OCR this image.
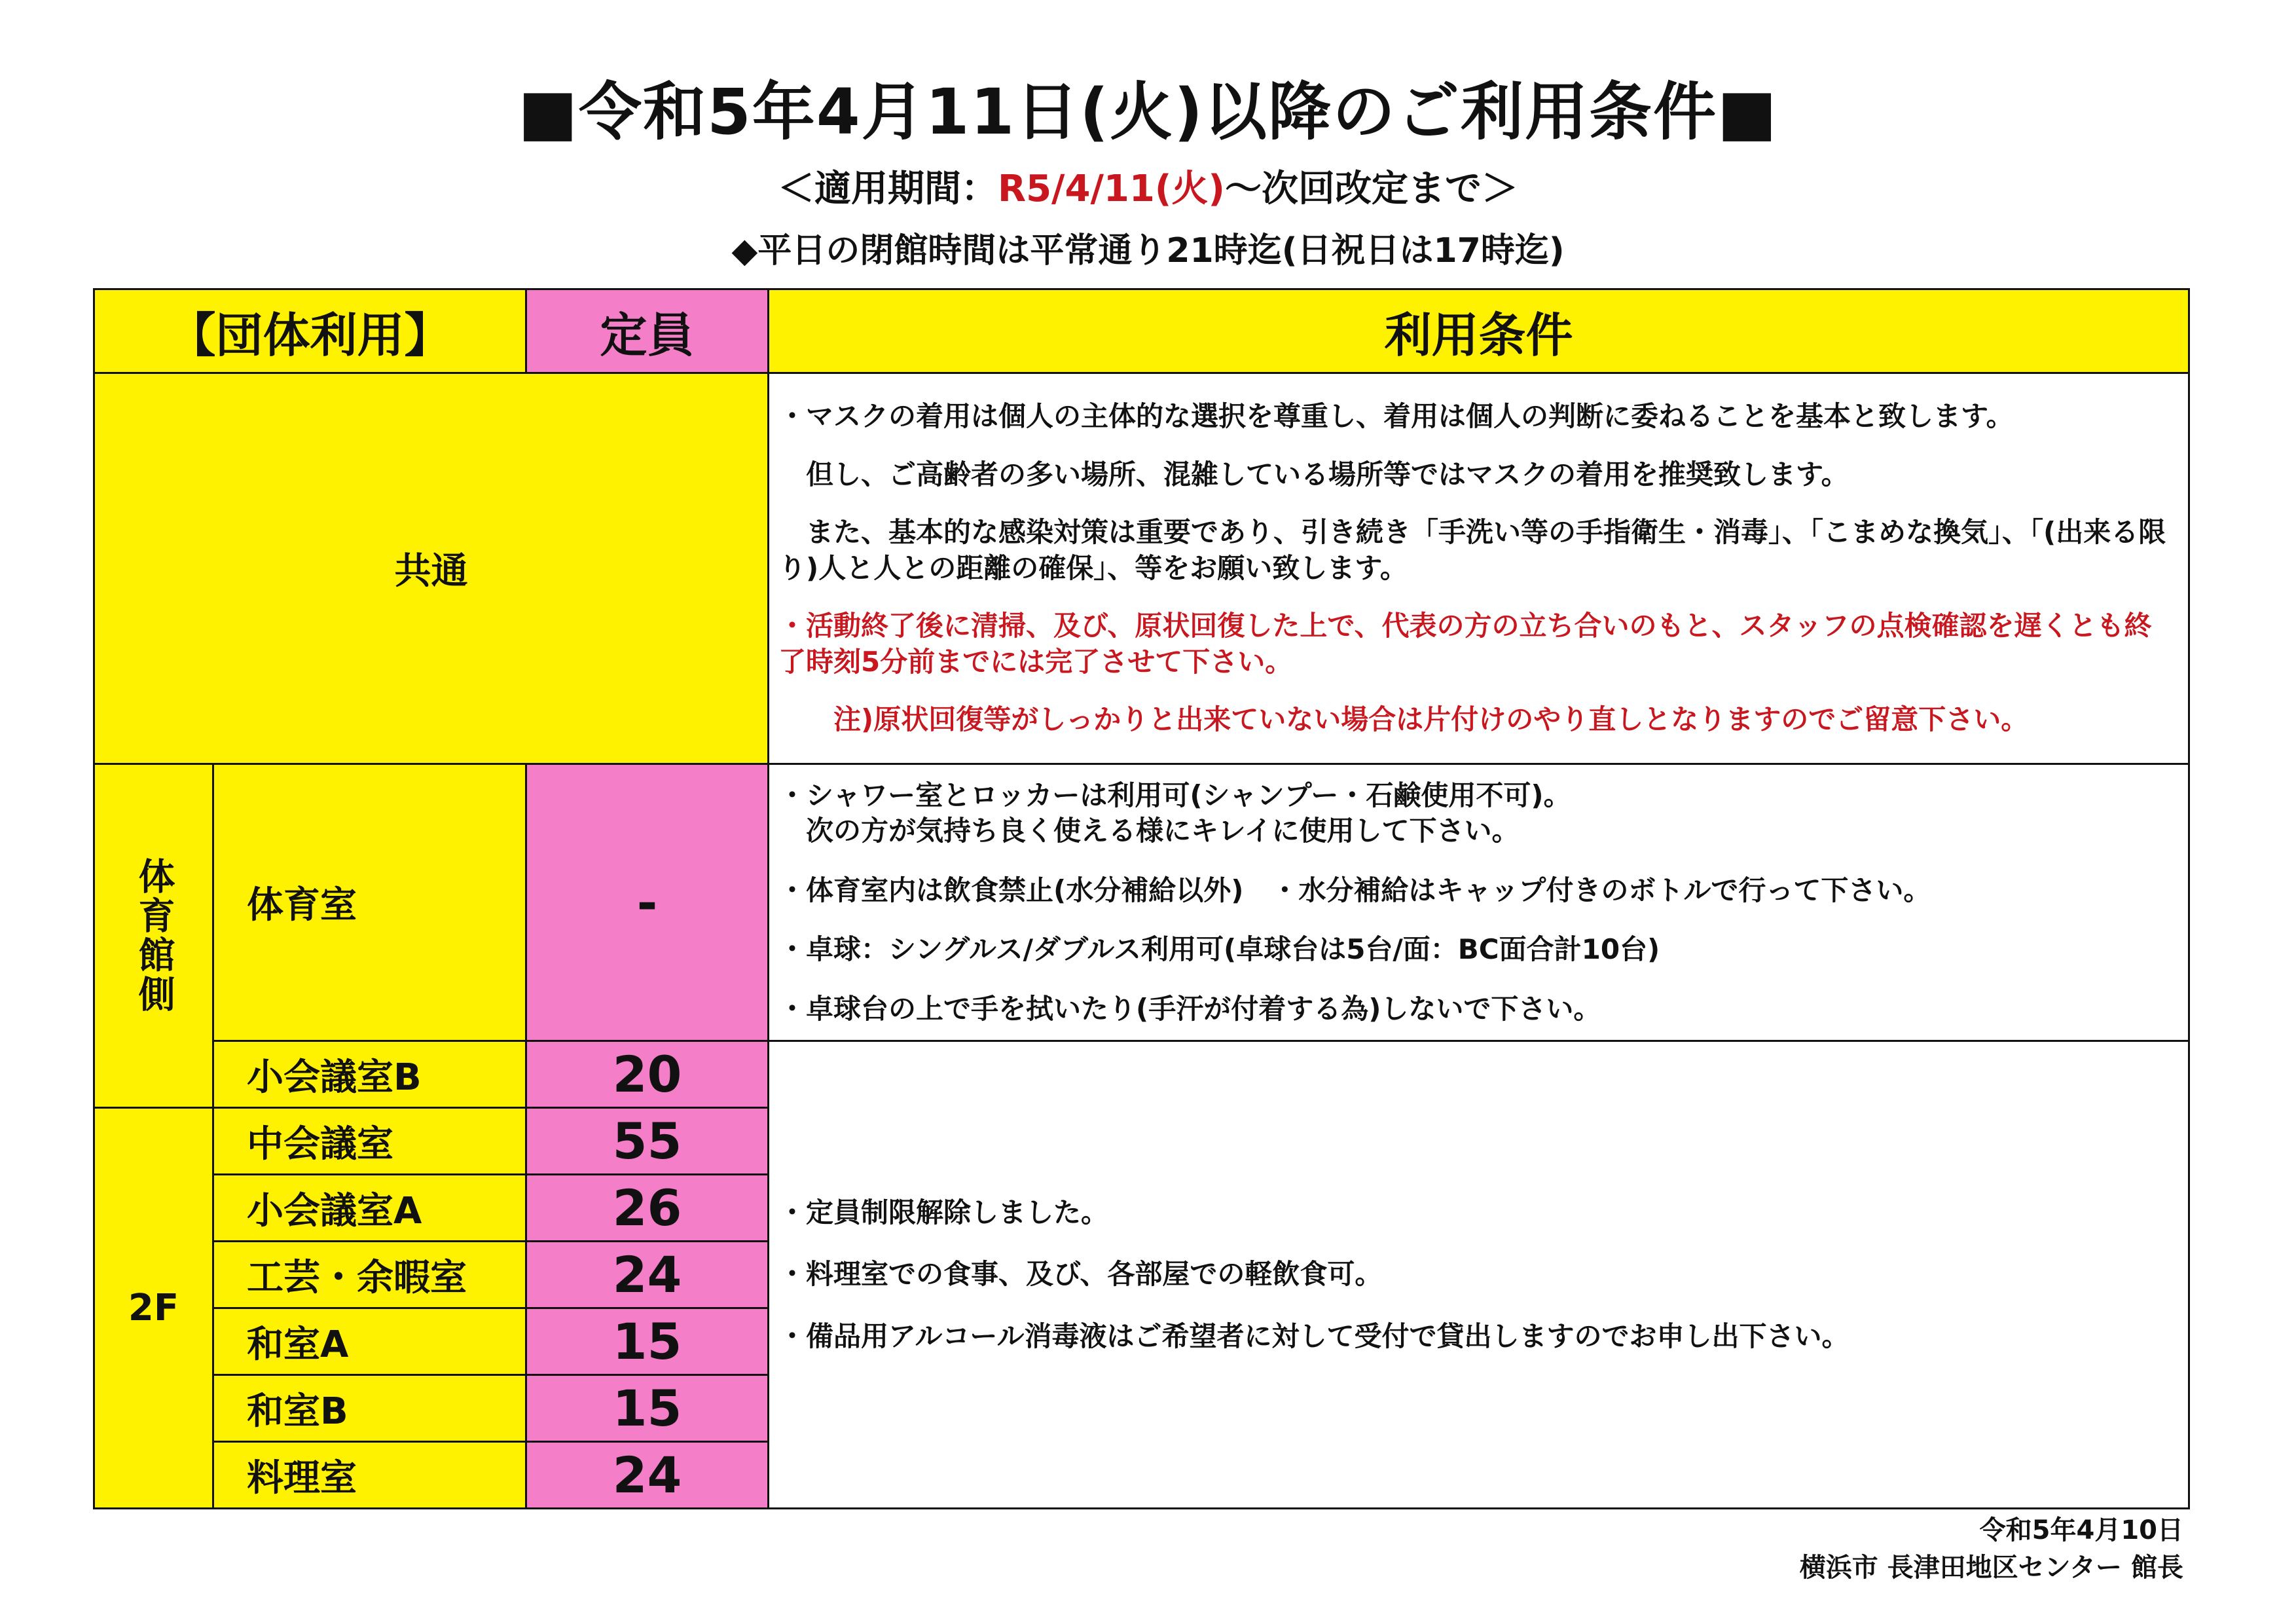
■令和5年4月11日(火)以降のご利用条件■
＜適用期間：R5/4/11(火)～次回改定まで＞
◆平日の閉館時間は平常通り21時迄(日祝日は17時迄)
【団体利用】		定員	利用条件
共通			・マスクの着用は個人の主体的な選択を尊重し、着用は個人の判断に委ねることを基本と致します。

　但し、ご高齢者の多い場所、混雑している場所等ではマスクの着用を推奨致します。

　また、基本的な感染対策は重要であり、引き続き「手洗い等の手指衛生・消毒」、「こまめな換気」、「(出来る限り)人と人との距離の確保」、等をお願い致します。

・活動終了後に清掃、及び、原状回復した上で、代表の方の立ち合いのもと、スタッフの点検確認を遅くとも終了時刻5分前までには完了させて下さい。

　　注)原状回復等がしっかりと出来ていない場合は片付けのやり直しとなりますのでご留意下さい。

体育館側	体育室	-	・シャワー室とロッカーは利用可(シャンプー・石鹸使用不可)。

　次の方が気持ち良く使える様にキレイに使用して下さい。

・体育室内は飲食禁止(水分補給以外)　・水分補給はキャップ付きのボトルで行って下さい。

・卓球：シングルス/ダブルス利用可(卓球台は5台/面：BC面合計10台)

・卓球台の上で手を拭いたり(手汗が付着する為)しないで下さい。

	小会議室B	20	・定員制限解除しました。

・料理室での食事、及び、各部屋での軽飲食可。

・備品用アルコール消毒液はご希望者に対して受付で貸出しますのでお申し出下さい。

2F	中会議室	55	
	小会議室A	26	
	工芸・余暇室	24	
	和室A	15	
	和室B	15	
	料理室	24	
令和5年4月10日
横浜市 長津田地区センター 館長
